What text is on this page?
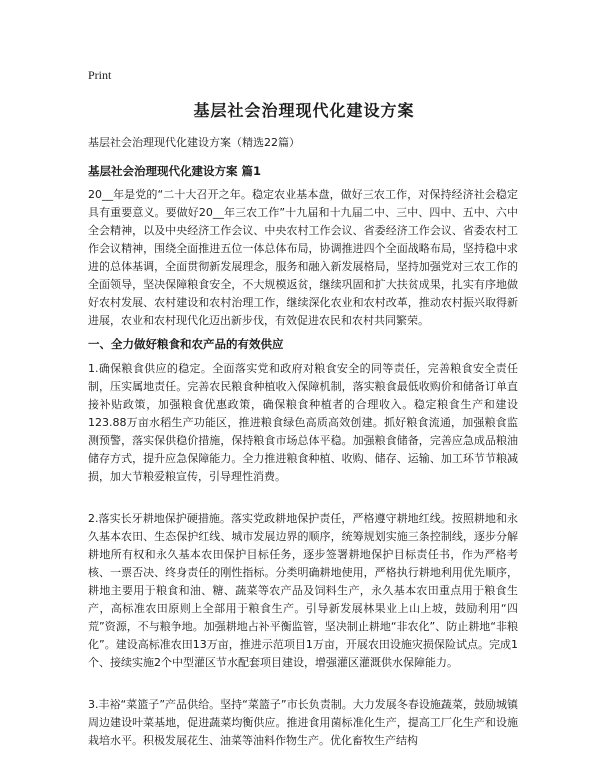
Print
基层社会治理现代化建设方案
基层社会治理现代化建设方案（精选22篇）
基层社会治理现代化建设方案 篇1
20__年是党的“二十大召开之年。稳定农业基本盘，做好三农工作，对保持经济社会稳定具有重要意义。要做好20__年三农工作”十九届和十九届二中、三中、四中、五中、六中全会精神，以及中央经济工作会议、中央农村工作会议、省委经济工作会议、省委农村工作会议精神，围绕全面推进五位一体总体布局，协调推进四个全面战略布局，坚持稳中求进的总体基调，全面贯彻新发展理念，服务和融入新发展格局，坚持加强党对三农工作的全面领导，坚决保障粮食安全，不大规模返贫，继续巩固和扩大扶贫成果，扎实有序地做好农村发展、农村建设和农村治理工作，继续深化农业和农村改革，推动农村振兴取得新进展，农业和农村现代化迈出新步伐，有效促进农民和农村共同繁荣。
一、全力做好粮食和农产品的有效供应
1.确保粮食供应的稳定。全面落实党和政府对粮食安全的同等责任，完善粮食安全责任制，压实属地责任。完善农民粮食种植收入保障机制，落实粮食最低收购价和储备订单直接补贴政策，加强粮食优惠政策，确保粮食种植者的合理收入。稳定粮食生产和建设123.88万亩水稻生产功能区，推进粮食绿色高质高效创建。抓好粮食流通，加强粮食监测预警，落实保供稳价措施，保持粮食市场总体平稳。加强粮食储备，完善应急成品粮油储存方式，提升应急保障能力。全力推进粮食种植、收购、储存、运输、加工环节节粮减损，加大节粮爱粮宣传，引导理性消费。
2.落实长牙耕地保护硬措施。落实党政耕地保护责任，严格遵守耕地红线。按照耕地和永久基本农田、生态保护红线、城市发展边界的顺序，统筹规划实施三条控制线，逐步分解耕地所有权和永久基本农田保护目标任务，逐步签署耕地保护目标责任书，作为严格考核、一票否决、终身责任的刚性指标。分类明确耕地使用，严格执行耕地利用优先顺序，耕地主要用于粮食和油、糖、蔬菜等农产品及饲料生产，永久基本农田重点用于粮食生产，高标准农田原则上全部用于粮食生产。引导新发展林果业上山上坡，鼓励利用“四荒”资源，不与粮争地。加强耕地占补平衡监管，坚决制止耕地“非农化”、防止耕地“非粮化”。建设高标准农田13万亩，推进示范项目1万亩，开展农田设施灾损保险试点。完成1个、接续实施2个中型灌区节水配套项目建设，增强灌区灌溉供水保障能力。
3.丰裕“菜篮子”产品供给。坚持“菜篮子”市长负责制。大力发展冬春设施蔬菜，鼓励城镇周边建设叶菜基地，促进蔬菜均衡供应。推进食用菌标准化生产，提高工厂化生产和设施栽培水平。积极发展花生、油菜等油料作物生产。优化畜牧生产结构
